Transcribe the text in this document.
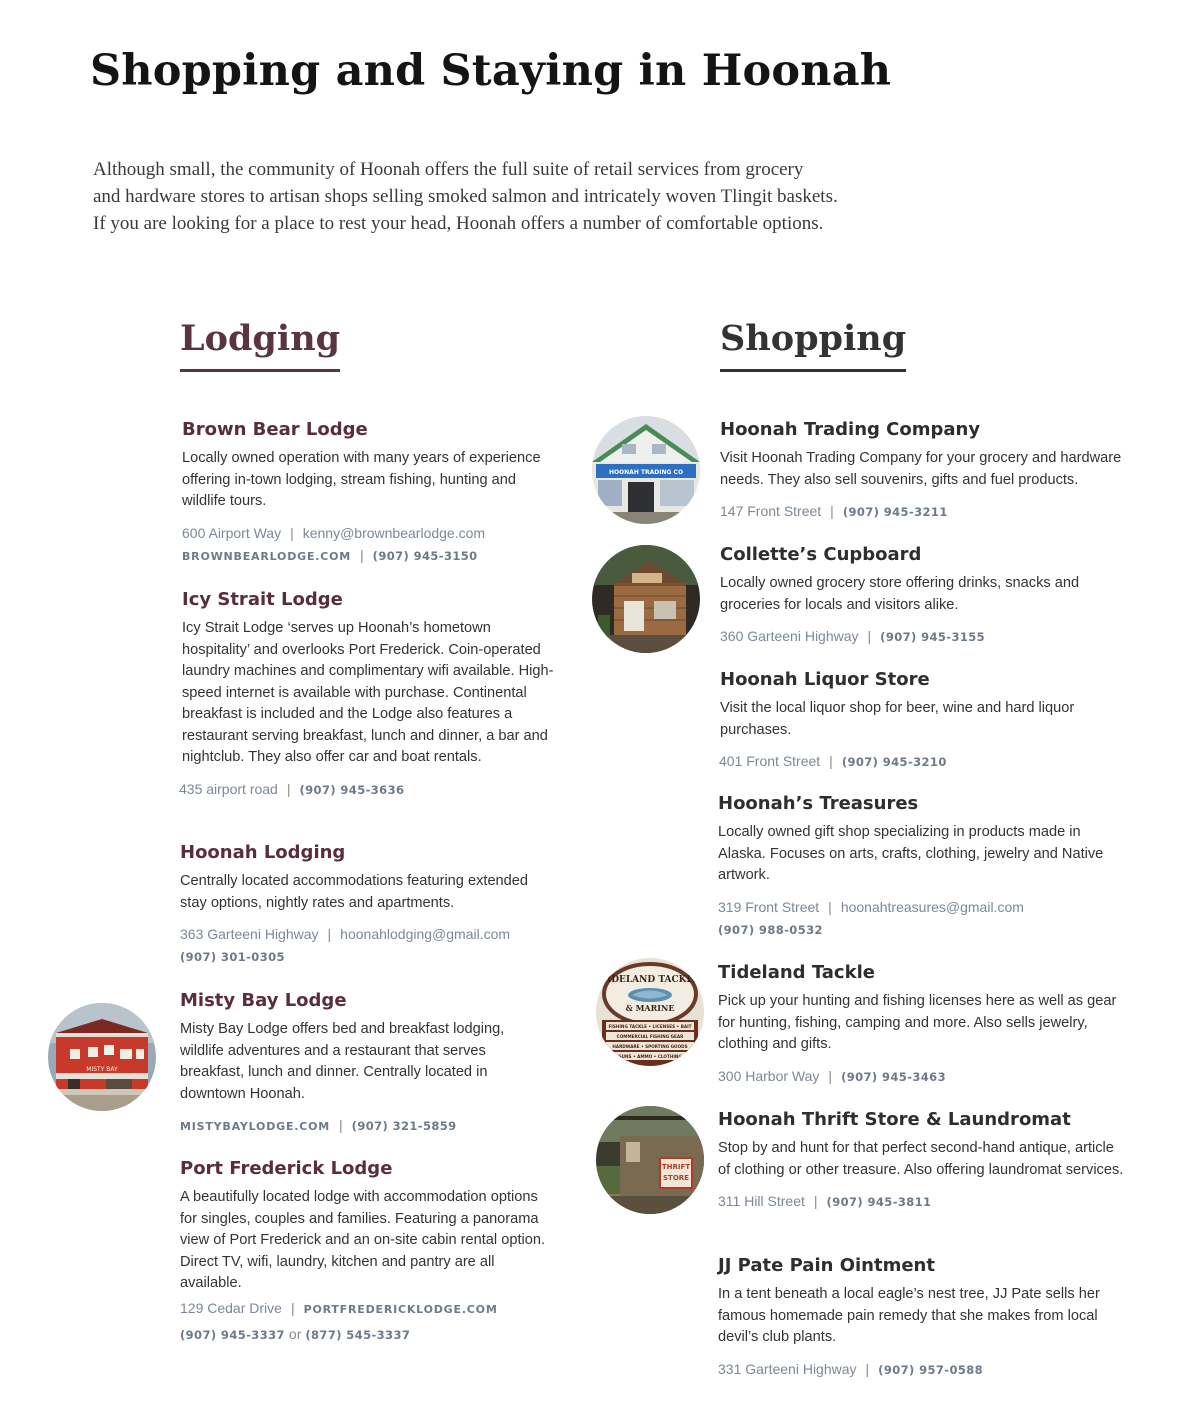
Shopping and Staying in Hoonah

Although small, the community of Hoonah offers the full suite of retail services from grocery

and hardware stores to artisan shops selling smoked salmon and intricately woven Tlingit baskets.

If you are looking for a place to rest your head, Hoonah offers a number of comfortable options.

Lodging	Shopping
Brown Bear Lodge

Locally owned operation with many years of experience offering in-town lodging, stream fishing, hunting and wildlife tours.

600 Airport Way | kenny@brownbearlodge.com
BROWNBEARLODGE.COM | (907) 945-3150
Icy Strait Lodge

Icy Strait Lodge ‘serves up Hoonah’s hometown hospitality’ and overlooks Port Frederick. Coin-operated laundry machines and complimentary wifi available. High-speed internet is available with purchase. Continental breakfast is included and the Lodge also features a restaurant serving breakfast, lunch and dinner, a bar and nightclub. They also offer car and boat rentals.

435 airport road | (907) 945-3636
Hoonah Lodging

Centrally located accommodations featuring extended stay options, nightly rates and apartments.

363 Garteeni Highway | hoonahlodging@gmail.com
(907) 301-0305
Misty Bay Lodge

Misty Bay Lodge offers bed and breakfast lodging, wildlife adventures and a restaurant that serves breakfast, lunch and dinner. Centrally located in downtown Hoonah.

MISTYBAYLODGE.COM | (907) 321-5859
Port Frederick Lodge

A beautifully located lodge with accommodation options for singles, couples and families. Featuring a panorama view of Port Frederick and an on-site cabin rental option. Direct TV, wifi, laundry, kitchen and pantry are all available.

129 Cedar Drive | PORTFREDERICKLODGE.COM
(907) 945-3337 or (877) 545-3337
MISTY BAY
Hoonah Trading Company

Visit Hoonah Trading Company for your grocery and hardware needs. They also sell souvenirs, gifts and fuel products.

147 Front Street | (907) 945-3211
Collette’s Cupboard

Locally owned grocery store offering drinks, snacks and groceries for locals and visitors alike.

360 Garteeni Highway | (907) 945-3155
Hoonah Liquor Store

Visit the local liquor shop for beer, wine and hard liquor purchases.

401 Front Street | (907) 945-3210
Hoonah’s Treasures

Locally owned gift shop specializing in products made in Alaska. Focuses on arts, crafts, clothing, jewelry and Native artwork.

319 Front Street | hoonahtreasures@gmail.com
(907) 988-0532
Tideland Tackle

Pick up your hunting and fishing licenses here as well as gear for hunting, fishing, camping and more. Also sells jewelry, clothing and gifts.

300 Harbor Way | (907) 945-3463
Hoonah Thrift Store & Laundromat

Stop by and hunt for that perfect second-hand antique, article of clothing or other treasure. Also offering laundromat services.

311 Hill Street | (907) 945-3811
JJ Pate Pain Ointment

In a tent beneath a local eagle’s nest tree, JJ Pate sells her famous homemade pain remedy that she makes from local devil’s club plants.

331 Garteeni Highway | (907) 957-0588
HOONAH TRADING CO
TIDELAND TACKLE
& MARINE
FISHING TACKLE • LICENSES • BAIT
COMMERCIAL FISHING GEAR
HARDWARE • SPORTING GOODS
GUNS • AMMO • CLOTHING
THRIFT
STORE
